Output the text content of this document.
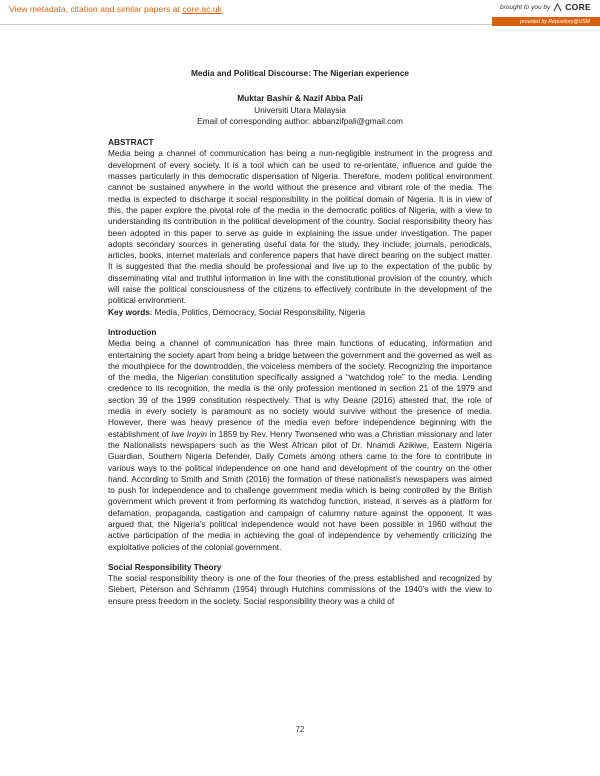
View metadata, citation and similar papers at core.ac.uk	brought to you by CORE
provided by Repository@USM

Media and Political Discourse: The Nigerian experience

Muktar Bashir & Nazif Abba Pali

Universiti Utara Malaysia

Email of corresponding author: abbanzifpali@gmail.com

ABSTRACT

Media being a channel of communication has being a nun-negligible instrument in the progress and development of every society. It is a tool which can be used to re-orientate, influence and guide the masses particularly in this democratic dispensation of Nigeria. Therefore, modern political environment cannot be sustained anywhere in the world without the presence and vibrant role of the media. The media is expected to discharge it social responsibility in the political domain of Nigeria. It is in view of this, the paper explore the pivotal role of the media in the democratic politics of Nigeria, with a view to understanding its contribution in the political development of the country. Social responsibility theory has been adopted in this paper to serve as guide in explaining the issue under investigation. The paper adopts secondary sources in generating useful data for the study, they include; journals, periodicals, articles, books, internet materials and conference papers that have direct bearing on the subject matter. It is suggested that the media should be professional and live up to the expectation of the public by disseminating vital and truthful information in line with the constitutional provision of the country, which will raise the political consciousness of the citizens to effectively contribute in the development of the political environment.

Key words: Media, Politics, Democracy, Social Responsibility, Nigeria

Introduction

Media being a channel of communication has three main functions of educating, information and entertaining the society apart from being a bridge between the government and the governed as well as the mouthpiece for the downtrodden, the voiceless members of the society. Recognizing the importance of the media, the Nigerian constitution specifically assigned a “watchdog role” to the media. Lending credence to its recognition, the media is the only profession mentioned in section 21 of the 1979 and section 39 of the 1999 constitution respectively. That is why Deane (2016) attested that, the role of media in every society is paramount as no society would survive without the presence of media. However, there was heavy presence of the media even before independence beginning with the establishment of Iwe Iroyin in 1859 by Rev. Henry Twonsened who was a Christian missionary and later the Nationalists newspapers such as the West African pilot of Dr. Nnamdi Azikiwe, Eastern Nigeria Guardian, Southern Nigeria Defender, Daily Comets among others came to the fore to contribute in various ways to the political independence on one hand and development of the country on the other hand. According to Smith and Smith (2016) the formation of these nationalist’s newspapers was aimed to push for independence and to challenge government media which is being controlled by the British government which prevent it from performing its watchdog function, instead, it serves as a platform for defamation, propaganda, castigation and campaign of calumny nature against the opponent. It was argued that, the Nigeria’s political independence would not have been possible in 1960 without the active participation of the media in achieving the goal of independence by vehemently criticizing the exploitative policies of the colonial government.

Social Responsibility Theory

The social responsibility theory is one of the four theories of the press established and recognized by Siebert, Peterson and Schramm (1954) through Hutchins commissions of the 1940’s with the view to ensure press freedom in the society. Social responsibility theory was a child of

72
